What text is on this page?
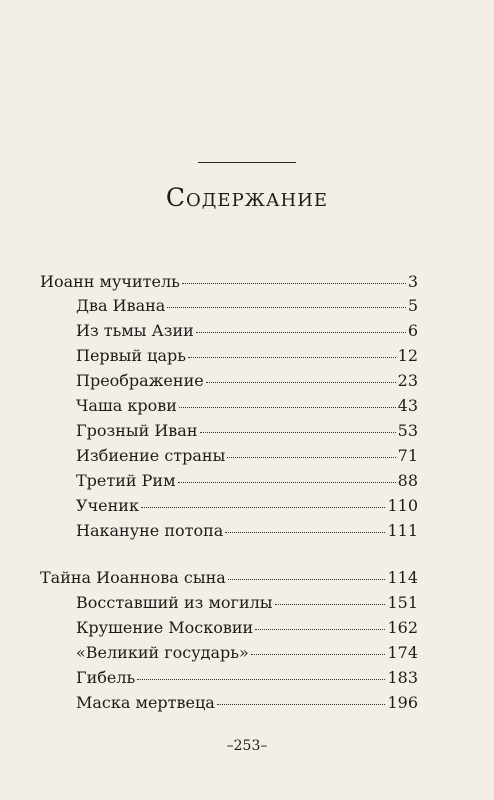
Содержание
Иоанн мучитель	3
Два Ивана	5
Из тьмы Азии	6
Первый царь	12
Преображение	23
Чаша крови	43
Грозный Иван	53
Избиение страны	71
Третий Рим	88
Ученик	110
Накануне потопа	111
Тайна Иоаннова сына	114
Восставший из могилы	151
Крушение Московии	162
«Великий государь»	174
Гибель	183
Маска мертвеца	196
–253–
